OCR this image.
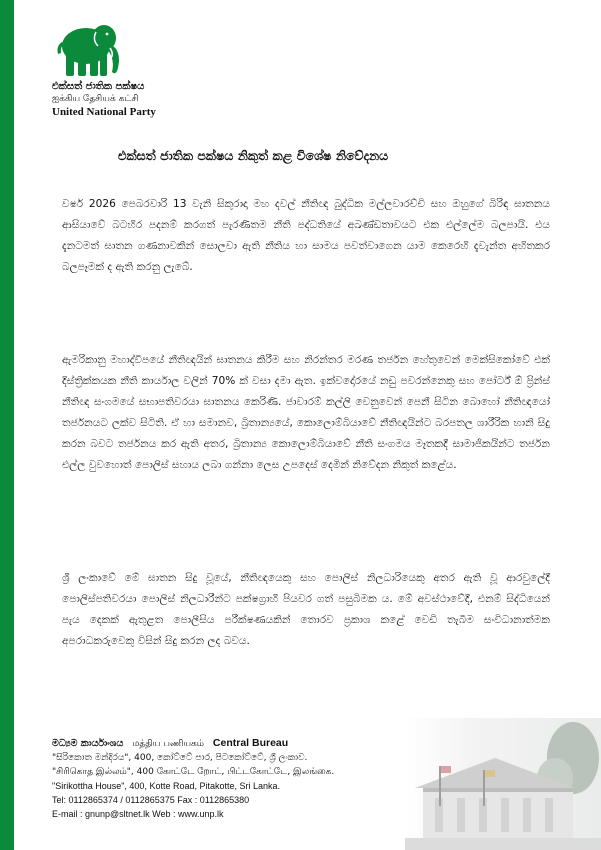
එක්සත් ජාතික පක්ෂය
ஐக்கிய தேசியக் கட்சி
United National Party
එක්සත් ජාතික පක්ෂය නිකුත් කළ විශේෂ නිවේදනය
වර්ෂ 2026 පෙබරවාරි 13 වැනි සිකුරාදා මහ දවල් නීතිඥ බුද්ධික මල්ලවාරච්චි සහ ඔහුගේ බිරිඳ ඝාතනය ආසියාවේ බටහිර පදනම් කරගත් පැරණිතම නීති පද්ධතියේ අඛණ්ඩතාවයට එක එල්ලේම බලපායි. එය දැනටමත් ඝාතන ගණනාවකින් සොලවා ඇති නීතිය හා සාමය පවත්වාගෙන යාම කෙරෙහි දැවැන්ත අහිතකර බලපෑමක් ද ඇති කරනු ලැබේ.
ඇමරිකානු මහාද්වීපයේ නීතිඥයින් ඝාතනය කිරීම සහ නිරන්තර මරණ තර්ජන හේතුවෙන් මෙක්සිකෝවේ එක් දිස්ත්‍රික්කයක නීති කාර්යාල වලින් 70% ක් වසා දමා ඇත. ඉක්වදෝරයේ නඩු පවරන්නෙකු සහ පෝර්ට් ඕ ප්‍රින්ස් නීතිඥ සංගමයේ සභාපතිවරයා ඝාතනය කෙරිණි. ජාවාරම් කල්ලි වෙනුවෙන් පෙනී සිටින බොහෝ නීතිඥයෝ තර්ජනයට ලක්ව සිටිති. ඒ හා සමානව, බ්‍රිතාන්‍යයේ, කොලොම්බියාවේ නීතිඥයින්ට බරපතල ශාරීරික හානි සිදු කරන බවට තර්ජනය කර ඇති අතර, බ්‍රිතාන්‍ය කොලොම්බියාවේ නීති සංගමය මෑතකදී සාමාජිකයින්ට තර්ජන එල්ල වුවහොත් පොලිස් සහාය ලබා ගන්නා ලෙස උපදෙස් දෙමින් නිවේදන නිකුත් කළේය.
ශ්‍රී ලංකාවේ මේ ඝාතන සිදු වූයේ, නීතිඥයෙකු සහ පොලිස් නිලධාරියෙකු අතර ඇති වූ ආරවුලේදී පොලිස්පතිවරයා පොලිස් නිලධාරීන්ට පක්ෂග්‍රාහී පියවර ගත් පසුබිමක ය. මේ අවස්ථාවේදී, එනම් සිද්ධියෙන් පැය දෙකක් ඇතුළත පොලීසිය පරීක්ෂණයකින් තොරව ප්‍රකාශ කළේ වෙඩි තැබීම සංවිධානාත්මක අපරාධකරුවෙකු විසින් සිදු කරන ලද බවය.
මධ්‍යම කාර්යාංශය மத்திய பணியகம் Central Bureau
"සිරිකොත මන්දිරය", 400, කෝට්ටේ පාර, පිටකෝට්ටේ, ශ්‍රී ලංකාව.
"சிரிகொத இல்லம்", 400 கோட்டே றோட், பிட்டகோட்டே, இலங்கை.
"Sirikottha House", 400, Kotte Road, Pitakotte, Sri Lanka.
Tel: 0112865374 / 0112865375 Fax : 0112865380
E-mail : gnunp@sltnet.lk Web : www.unp.lk
